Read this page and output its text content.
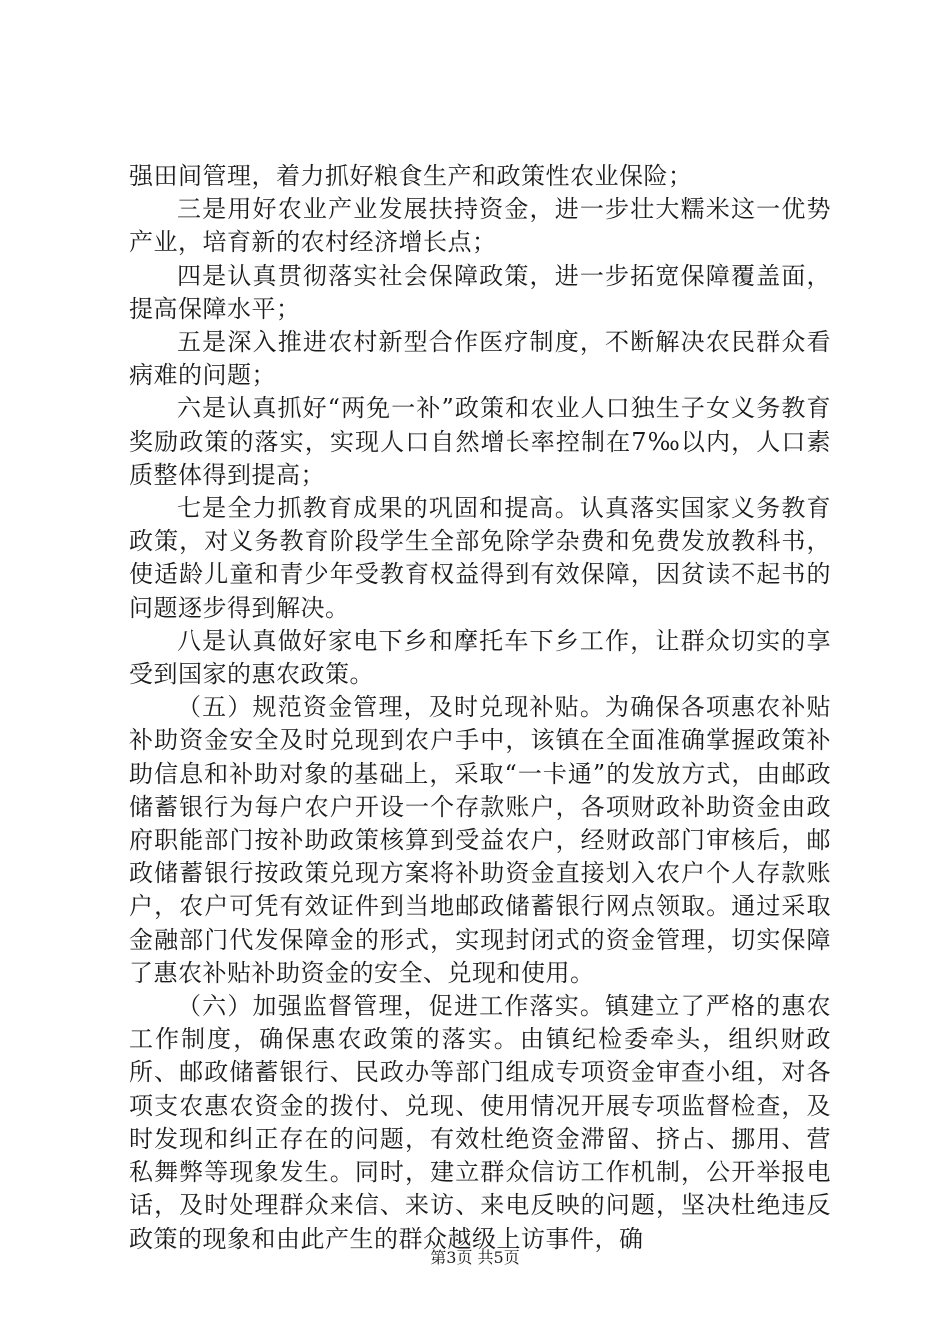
强田间管理，着力抓好粮食生产和政策性农业保险；

三是用好农业产业发展扶持资金，进一步壮大糯米这一优势产业，培育新的农村经济增长点；

四是认真贯彻落实社会保障政策，进一步拓宽保障覆盖面，提高保障水平；

五是深入推进农村新型合作医疗制度，不断解决农民群众看病难的问题；

六是认真抓好“两免一补”政策和农业人口独生子女义务教育奖励政策的落实，实现人口自然增长率控制在7‰以内，人口素质整体得到提高；

七是全力抓教育成果的巩固和提高。认真落实国家义务教育政策，对义务教育阶段学生全部免除学杂费和免费发放教科书，使适龄儿童和青少年受教育权益得到有效保障，因贫读不起书的问题逐步得到解决。

八是认真做好家电下乡和摩托车下乡工作，让群众切实的享受到国家的惠农政策。

（五）规范资金管理，及时兑现补贴。为确保各项惠农补贴补助资金安全及时兑现到农户手中，该镇在全面准确掌握政策补助信息和补助对象的基础上，采取“一卡通”的发放方式，由邮政储蓄银行为每户农户开设一个存款账户，各项财政补助资金由政府职能部门按补助政策核算到受益农户，经财政部门审核后，邮政储蓄银行按政策兑现方案将补助资金直接划入农户个人存款账户，农户可凭有效证件到当地邮政储蓄银行网点领取。通过采取金融部门代发保障金的形式，实现封闭式的资金管理，切实保障了惠农补贴补助资金的安全、兑现和使用。

（六）加强监督管理，促进工作落实。镇建立了严格的惠农工作制度，确保惠农政策的落实。由镇纪检委牵头，组织财政所、邮政储蓄银行、民政办等部门组成专项资金审查小组，对各项支农惠农资金的拨付、兑现、使用情况开展专项监督检查，及时发现和纠正存在的问题，有效杜绝资金滞留、挤占、挪用、营私舞弊等现象发生。同时，建立群众信访工作机制，公开举报电话，及时处理群众来信、来访、来电反映的问题，坚决杜绝违反政策的现象和由此产生的群众越级上访事件，确

第3页 共5页
